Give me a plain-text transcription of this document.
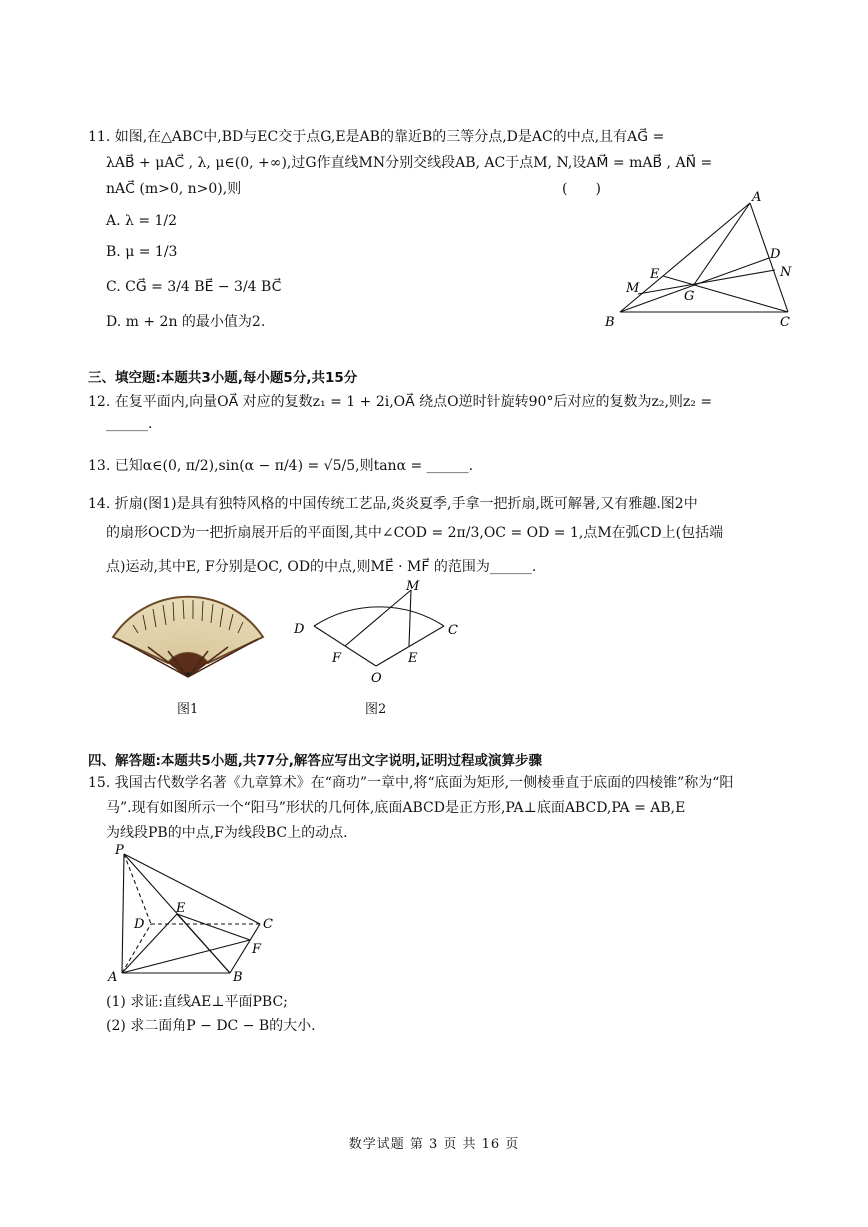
11. 如图,在△ABC中,BD与EC交于点G,E是AB的靠近B的三等分点,D是AC的中点,且有AG⃗ =
λAB⃗ + μAC⃗ , λ, μ∈(0, +∞),过G作直线MN分别交线段AB, AC于点M, N,设AM⃗ = mAB⃗ , AN⃗ =
nAC⃗ (m>0, n>0),则	(　　)
A. λ = 1/2
B. μ = 1/3
C. CG⃗ = 3/4 BE⃗ − 3/4 BC⃗
D. m + 2n 的最小值为2.
A
B	C
D
E
G
M
N
三、填空题:本题共3小题,每小题5分,共15分
12. 在复平面内,向量OA⃗ 对应的复数z₁ = 1 + 2i,OA⃗ 绕点O逆时针旋转90°后对应的复数为z₂,则z₂ =
______.
13. 已知α∈(0, π/2),sin(α − π/4) = √5/5,则tanα = ______.
14. 折扇(图1)是具有独特风格的中国传统工艺品,炎炎夏季,手拿一把折扇,既可解暑,又有雅趣.图2中
的扇形OCD为一把折扇展开后的平面图,其中∠COD = 2π/3,OC = OD = 1,点M在弧CD上(包括端
点)运动,其中E, F分别是OC, OD的中点,则ME⃗ · MF⃗ 的范围为______.
M
D	C
F	E
O
图1	图2
四、解答题:本题共5小题,共77分,解答应写出文字说明,证明过程或演算步骤
15. 我国古代数学名著《九章算术》在“商功”一章中,将“底面为矩形,一侧棱垂直于底面的四棱锥”称为“阳
马”.现有如图所示一个“阳马”形状的几何体,底面ABCD是正方形,PA⊥底面ABCD,PA = AB,E
为线段PB的中点,F为线段BC上的动点.
P
D
E
C
F
A	B
(1) 求证:直线AE⊥平面PBC;
(2) 求二面角P − DC − B的大小.
数学试题 第 3 页 共 16 页
